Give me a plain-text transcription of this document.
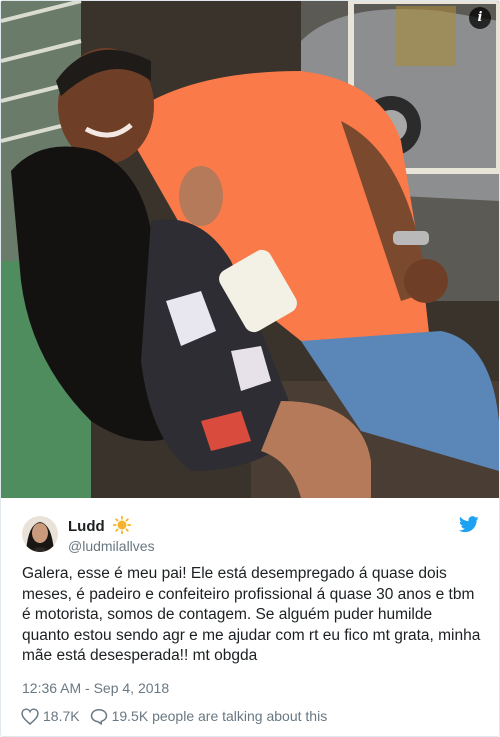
i
Ludd
@ludmilallves
Galera, esse é meu pai! Ele está desempregado á quase dois meses, é padeiro e confeiteiro profissional á quase 30 anos e tbm é motorista, somos de contagem. Se alguém puder humilde quanto estou sendo agr e me ajudar com rt eu fico mt grata, minha mãe está desesperada!! mt obgda
12:36 AM - Sep 4, 2018
18.7K 19.5K people are talking about this
